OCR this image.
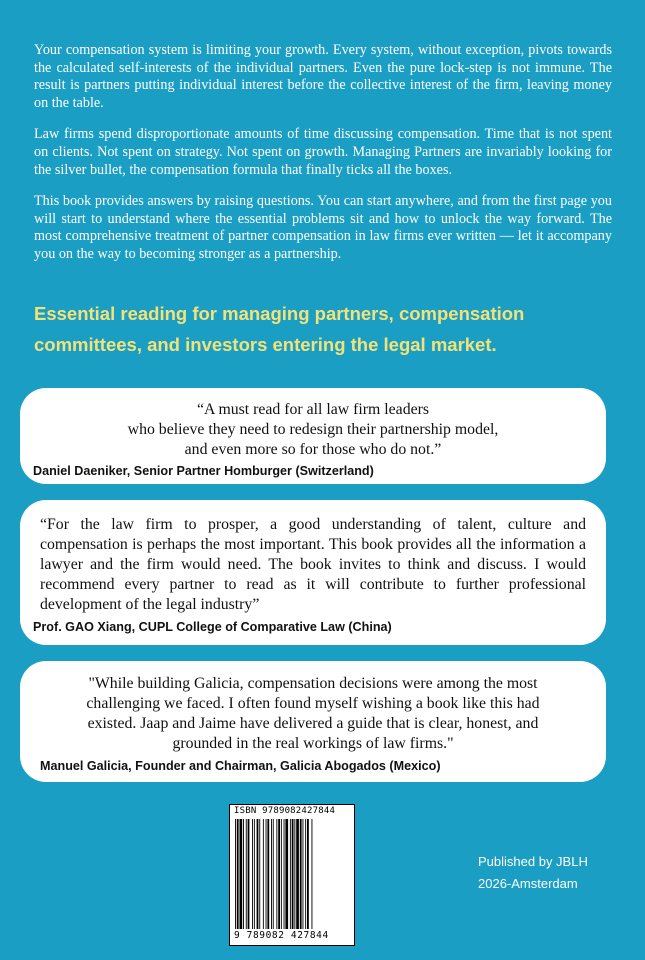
Your compensation system is limiting your growth. Every system, without exception, pivots towards the calculated self-interests of the individual partners. Even the pure lock-step is not immune. The result is partners putting individual interest before the collective interest of the firm, leaving money on the table.

Law firms spend disproportionate amounts of time discussing compensation. Time that is not spent on clients. Not spent on strategy. Not spent on growth. Managing Partners are invariably looking for the silver bullet, the compensation formula that finally ticks all the boxes.

This book provides answers by raising questions. You can start anywhere, and from the first page you will start to understand where the essential problems sit and how to unlock the way forward. The most comprehensive treatment of partner compensation in law firms ever written — let it accompany you on the way to becoming stronger as a partnership.

Essential reading for managing partners, compensation
committees, and investors entering the legal market.
“A must read for all law firm leaders
who believe they need to redesign their partnership model,
and even more so for those who do not.”
Daniel Daeniker, Senior Partner Homburger (Switzerland)
“For the law firm to prosper, a good understanding of talent, culture and compensation is perhaps the most important. This book provides all the information a lawyer and the firm would need. The book invites to think and discuss. I would recommend every partner to read as it will contribute to further professional development of the legal industry”
Prof. GAO Xiang, CUPL College of Comparative Law (China)
"While building Galicia, compensation decisions were among the most
challenging we faced. I often found myself wishing a book like this had
existed. Jaap and Jaime have delivered a guide that is clear, honest, and
grounded in the real workings of law firms."
Manuel Galicia, Founder and Chairman, Galicia Abogados (Mexico)
ISBN 9789082427844
9 789082 427844
Published by JBLH
2026-Amsterdam
